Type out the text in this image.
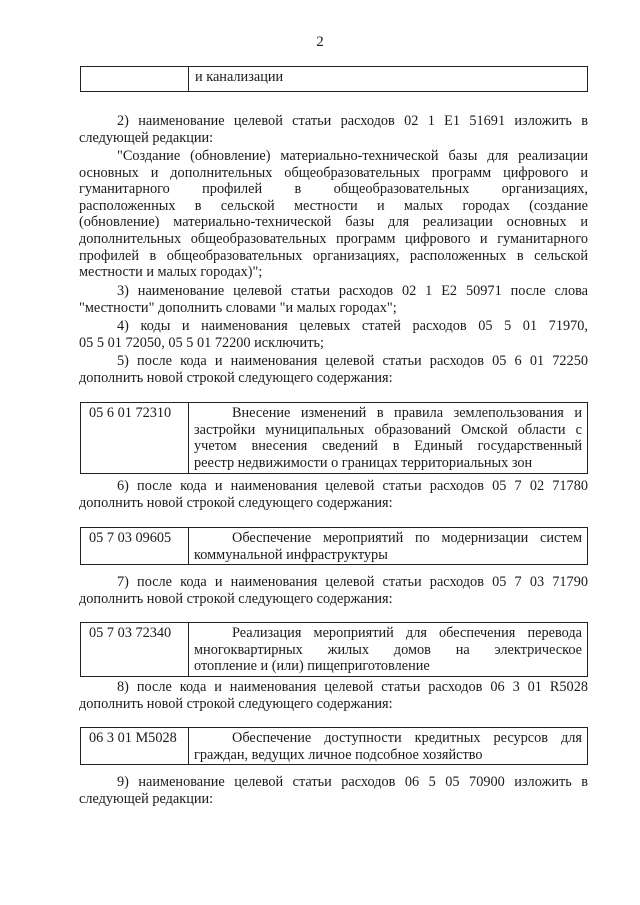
2
и канализации
2) наименование целевой статьи расходов 02 1 E1 51691 изложить в
следующей редакции:
"Создание (обновление) материально-технической базы для реализации
основных и дополнительных общеобразовательных программ цифрового и
гуманитарного профилей в общеобразовательных организациях,
расположенных в сельской местности и малых городах (создание
(обновление) материально-технической базы для реализации основных и
дополнительных общеобразовательных программ цифрового и гуманитарного
профилей в общеобразовательных организациях, расположенных в сельской
местности и малых городах)";
3) наименование целевой статьи расходов 02 1 E2 50971 после слова
"местности" дополнить словами "и малых городах";
4) коды и наименования целевых статей расходов 05 5 01 71970,
05 5 01 72050, 05 5 01 72200 исключить;
5) после кода и наименования целевой статьи расходов 05 6 01 72250
дополнить новой строкой следующего содержания:
05 6 01 72310	Внесение изменений в правила землепользования и
застройки муниципальных образований Омской области с
учетом внесения сведений в Единый государственный
реестр недвижимости о границах территориальных зон
6) после кода и наименования целевой статьи расходов 05 7 02 71780
дополнить новой строкой следующего содержания:
05 7 03 09605	Обеспечение мероприятий по модернизации систем
коммунальной инфраструктуры
7) после кода и наименования целевой статьи расходов 05 7 03 71790
дополнить новой строкой следующего содержания:
05 7 03 72340	Реализация мероприятий для обеспечения перевода
многоквартирных жилых домов на электрическое
отопление и (или) пищеприготовление
8) после кода и наименования целевой статьи расходов 06 3 01 R5028
дополнить новой строкой следующего содержания:
06 3 01 M5028	Обеспечение доступности кредитных ресурсов для
граждан, ведущих личное подсобное хозяйство
9) наименование целевой статьи расходов 06 5 05 70900 изложить в
следующей редакции:
